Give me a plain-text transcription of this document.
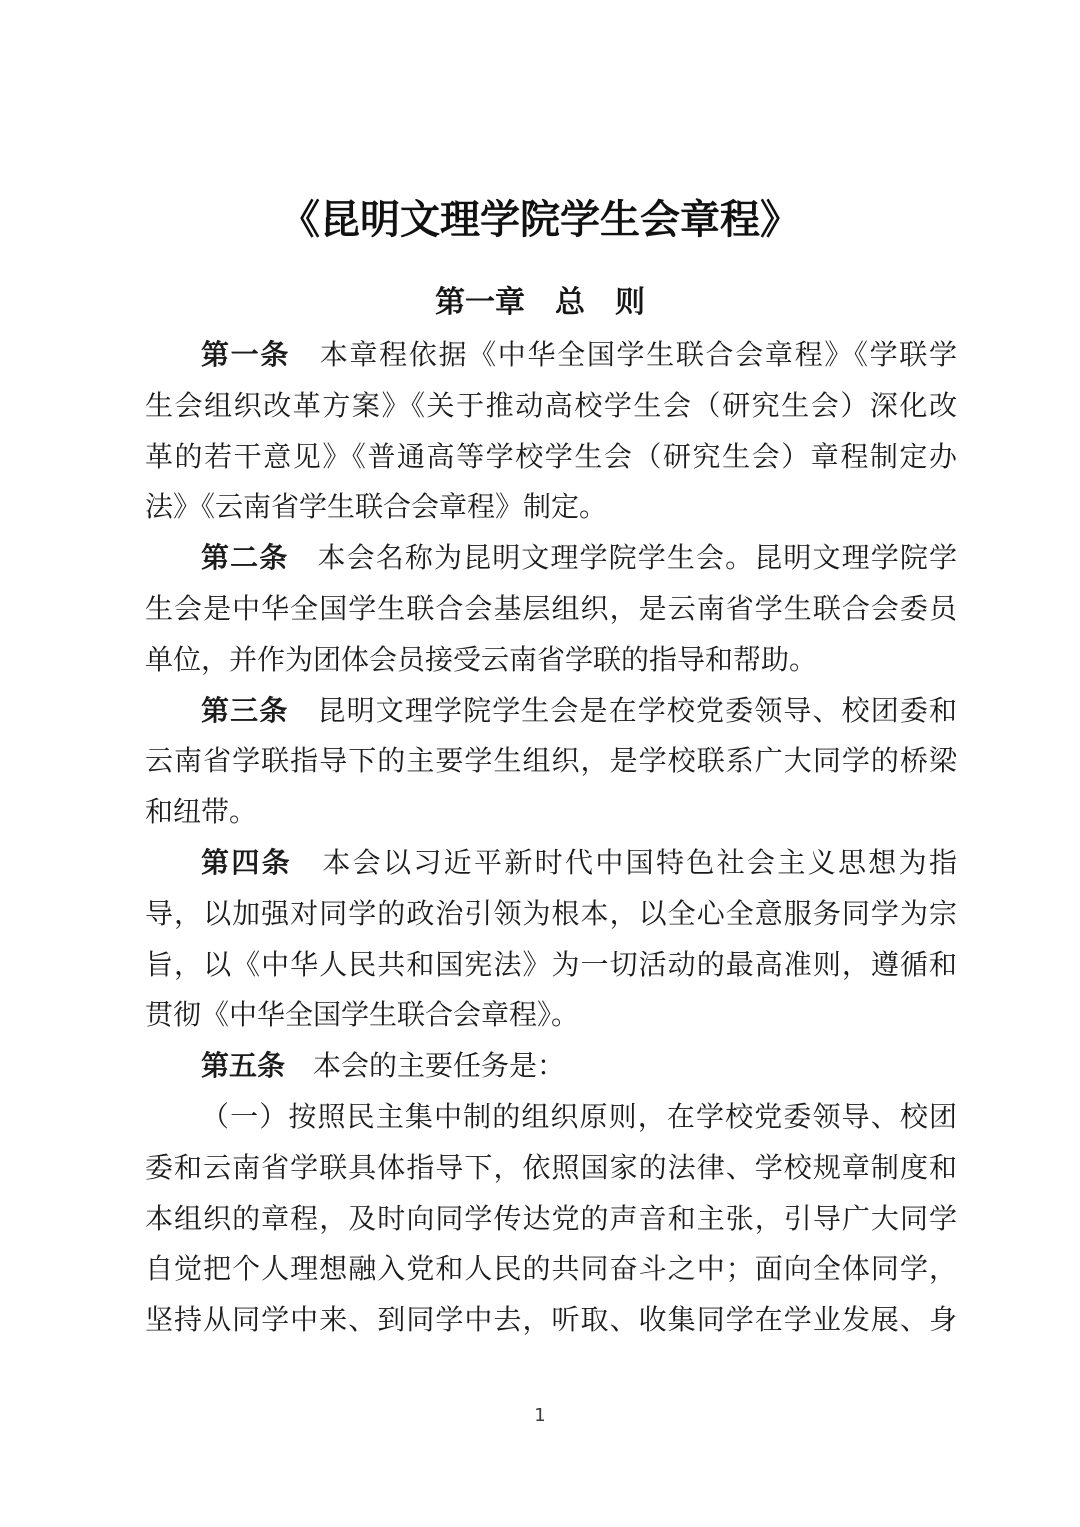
《昆明文理学院学生会章程》
第一章　总　则
第一条　 本章程依据《中华全国学生联合会章程》《学联学
生会组织改革方案》《关于推动高校学生会（研究生会）深化改
革的若干意见》《普通高等学校学生会（研究生会）章程制定办
法》《云南省学生联合会章程》制定。
第二条　 本会名称为昆明文理学院学生会。昆明文理学院学
生会是中华全国学生联合会基层组织，是云南省学生联合会委员
单位，并作为团体会员接受云南省学联的指导和帮助。
第三条　 昆明文理学院学生会是在学校党委领导、校团委和
云南省学联指导下的主要学生组织，是学校联系广大同学的桥梁
和纽带。
第四条　 本会以习近平新时代中国特色社会主义思想为指
导，以加强对同学的政治引领为根本，以全心全意服务同学为宗
旨，以《中华人民共和国宪法》为一切活动的最高准则，遵循和
贯彻《中华全国学生联合会章程》。
第五条　 本会的主要任务是：
（一）按照民主集中制的组织原则，在学校党委领导、校团
委和云南省学联具体指导下，依照国家的法律、学校规章制度和
本组织的章程，及时向同学传达党的声音和主张，引导广大同学
自觉把个人理想融入党和人民的共同奋斗之中；面向全体同学，
坚持从同学中来、到同学中去，听取、收集同学在学业发展、身
1
